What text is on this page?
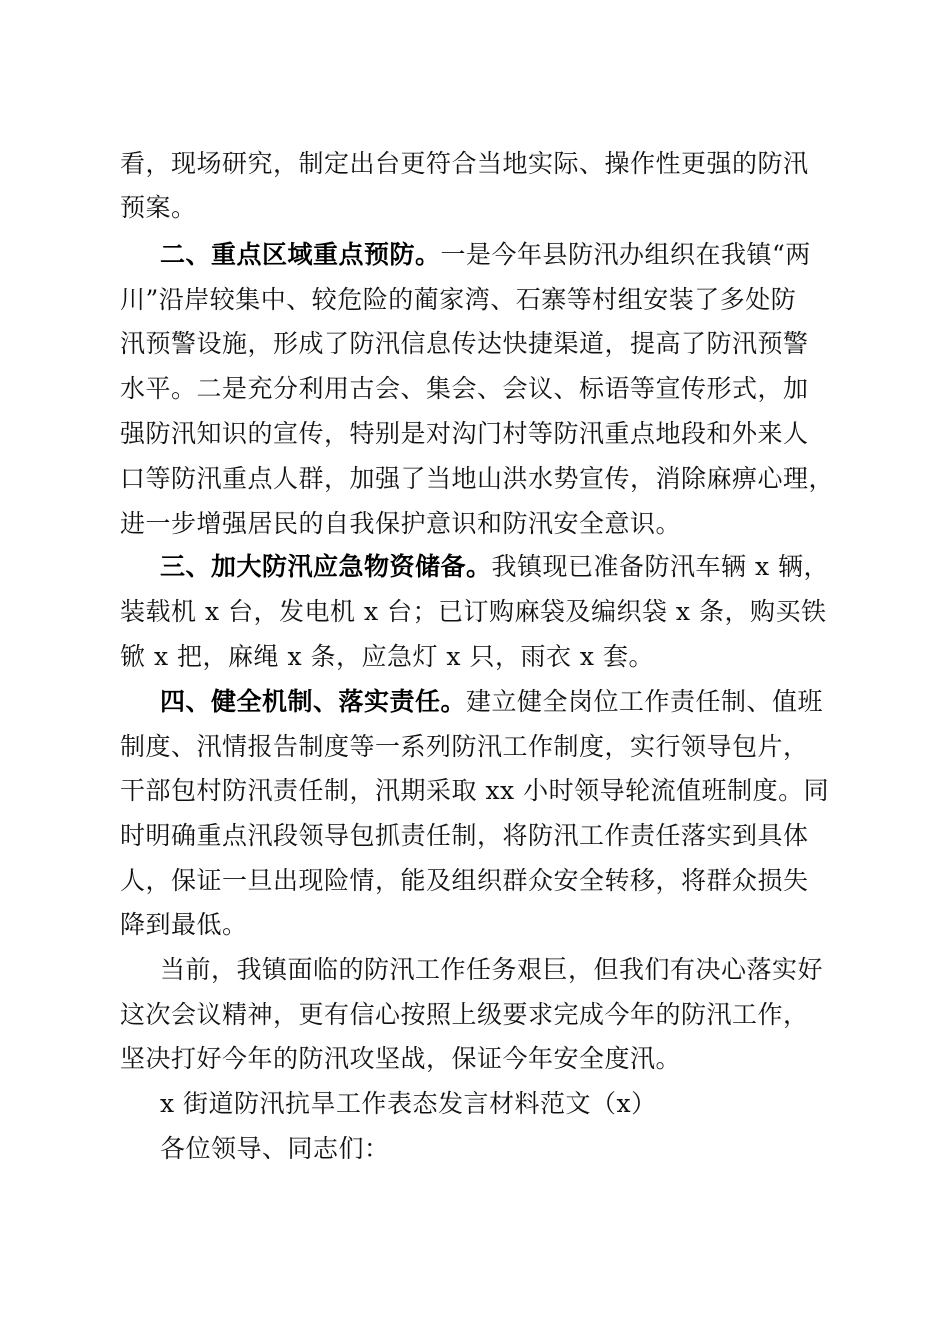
看，现场研究，制定出台更符合当地实际、操作性更强的防汛
预案。
二、重点区域重点预防。一是今年县防汛办组织在我镇“两
川”沿岸较集中、较危险的蔺家湾、石寨等村组安装了多处防
汛预警设施，形成了防汛信息传达快捷渠道，提高了防汛预警
水平。二是充分利用古会、集会、会议、标语等宣传形式，加
强防汛知识的宣传，特别是对沟门村等防汛重点地段和外来人
口等防汛重点人群，加强了当地山洪水势宣传，消除麻痹心理，
进一步增强居民的自我保护意识和防汛安全意识。
三、加大防汛应急物资储备。我镇现已准备防汛车辆 x 辆，
装载机 x 台，发电机 x 台；已订购麻袋及编织袋 x 条，购买铁
锨 x 把，麻绳 x 条，应急灯 x 只，雨衣 x 套。
四、健全机制、落实责任。建立健全岗位工作责任制、值班
制度、汛情报告制度等一系列防汛工作制度，实行领导包片，
干部包村防汛责任制，汛期采取 xx 小时领导轮流值班制度。同
时明确重点汛段领导包抓责任制，将防汛工作责任落实到具体
人，保证一旦出现险情，能及组织群众安全转移，将群众损失
降到最低。
当前，我镇面临的防汛工作任务艰巨，但我们有决心落实好
这次会议精神，更有信心按照上级要求完成今年的防汛工作，
坚决打好今年的防汛攻坚战，保证今年安全度汛。
x 街道防汛抗旱工作表态发言材料范文（x）
各位领导、同志们：
